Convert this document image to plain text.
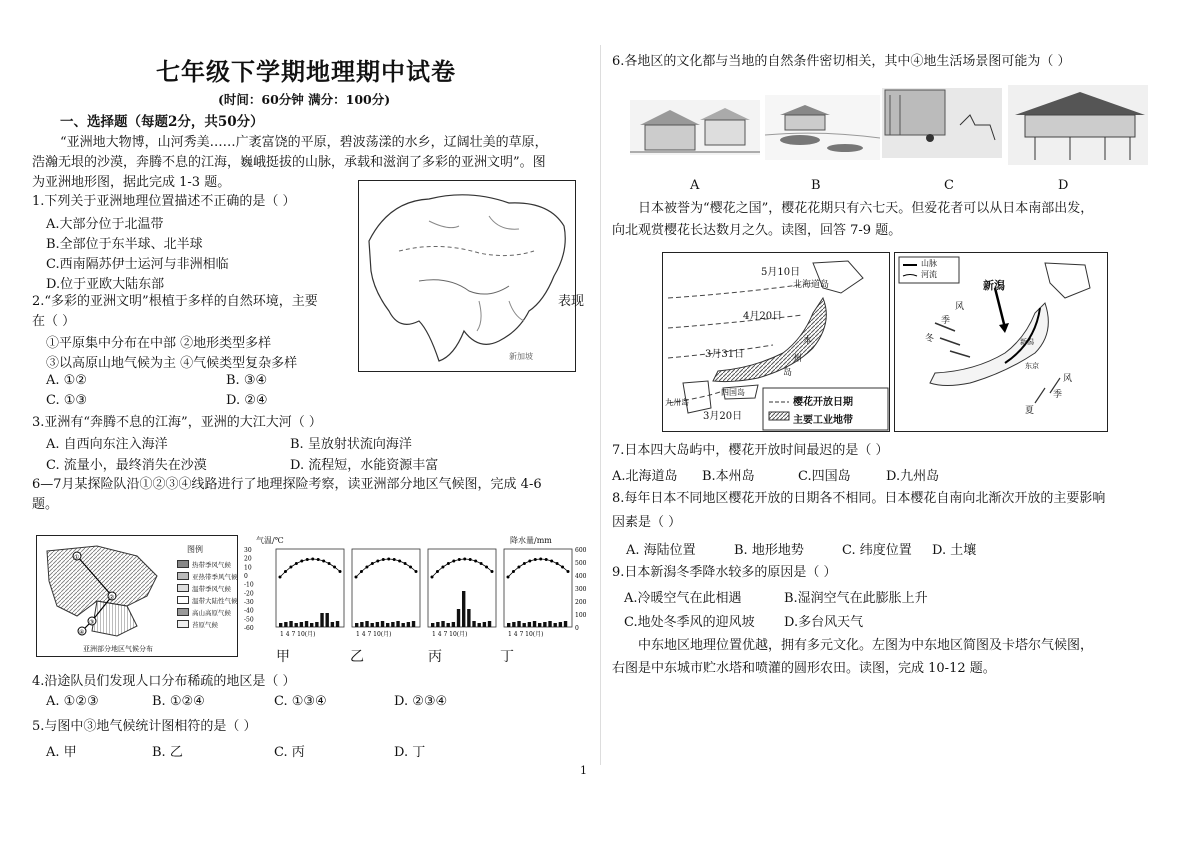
七年级下学期地理期中试卷
(时间：60分钟 满分：100分)
一、选择题（每题2分，共50分）
“亚洲地大物博，山河秀美……广袤富饶的平原，碧波荡漾的水乡，辽阔壮美的草原，
浩瀚无垠的沙漠，奔腾不息的江海，巍峨挺拔的山脉，承载和滋润了多彩的亚洲文明”。图
为亚洲地形图，据此完成 1-3 题。
1.下列关于亚洲地理位置描述不正确的是（ ）
A.大部分位于北温带
B.全部位于东半球、北半球
C.西南隔苏伊士运河与非洲相临
D.位于亚欧大陆东部
新加坡
2.“多彩的亚洲文明”根植于多样的自然环境，主要	表现
在（ ）
①平原集中分布在中部 ②地形类型多样
③以高原山地气候为主 ④气候类型复杂多样
A. ①②	B. ③④
C. ①③	D. ②④
3.亚洲有“奔腾不息的江海”，亚洲的大江大河（ ）
A. 自西向东注入海洋	B. 呈放射状流向海洋
C. 流量小，最终消失在沙漠	D. 流程短，水能资源丰富
6—7月某探险队沿①②③④线路进行了地理探险考察，读亚洲部分地区气候图，完成 4-6
题。
①
②
③
④
图例
热带季风气候
亚热带季风气候
温带季风气候
温带大陆性气候
高山高原气候
苔原气候
亚洲部分地区气候分布
气温/℃	降水量/mm
30
20
10
0
-10
-20
-30
-40
-50
-60
600
500
400
300
200
100
0
1 4 7 10(月)	1 4 7 10(月)	1 4 7 10(月)	1 4 7 10(月)
甲	乙	丙	丁
4.沿途队员们发现人口分布稀疏的地区是（ ）
A. ①②③	B. ①②④	C. ①③④	D. ②③④
5.与图中③地气候统计图相符的是（ ）
A. 甲	B. 乙	C. 丙	D. 丁
6.各地区的文化都与当地的自然条件密切相关，其中④地生活场景图可能为（ ）
A	B	C	D
日本被誉为“樱花之国”，樱花花期只有六七天。但爱花者可以从日本南部出发，
向北观赏樱花长达数月之久。读图，回答 7-9 题。
5月10日
4月20日
3月31日
3月20日
北海道岛
本
州
岛
四国岛
九州岛	樱花开放日期
主要工业地带
山脉
河流
新潟
风
季
冬
风
季
夏
新潟
东京
7.日本四大岛屿中，樱花开放时间最迟的是（ ）
A.北海道岛 B.本州岛	C.四国岛	D.九州岛
8.每年日本不同地区樱花开放的日期各不相同。日本樱花自南向北渐次开放的主要影响
因素是（ ）
A. 海陆位置	B. 地形地势	C. 纬度位置 D. 土壤
9.日本新潟冬季降水较多的原因是（ ）
A.冷暖空气在此相遇	B.湿润空气在此膨胀上升
C.地处冬季风的迎风坡 D.多台风天气
中东地区地理位置优越，拥有多元文化。左图为中东地区简图及卡塔尔气候图，
右图是中东城市贮水塔和喷灌的圆形农田。读图，完成 10-12 题。
1
